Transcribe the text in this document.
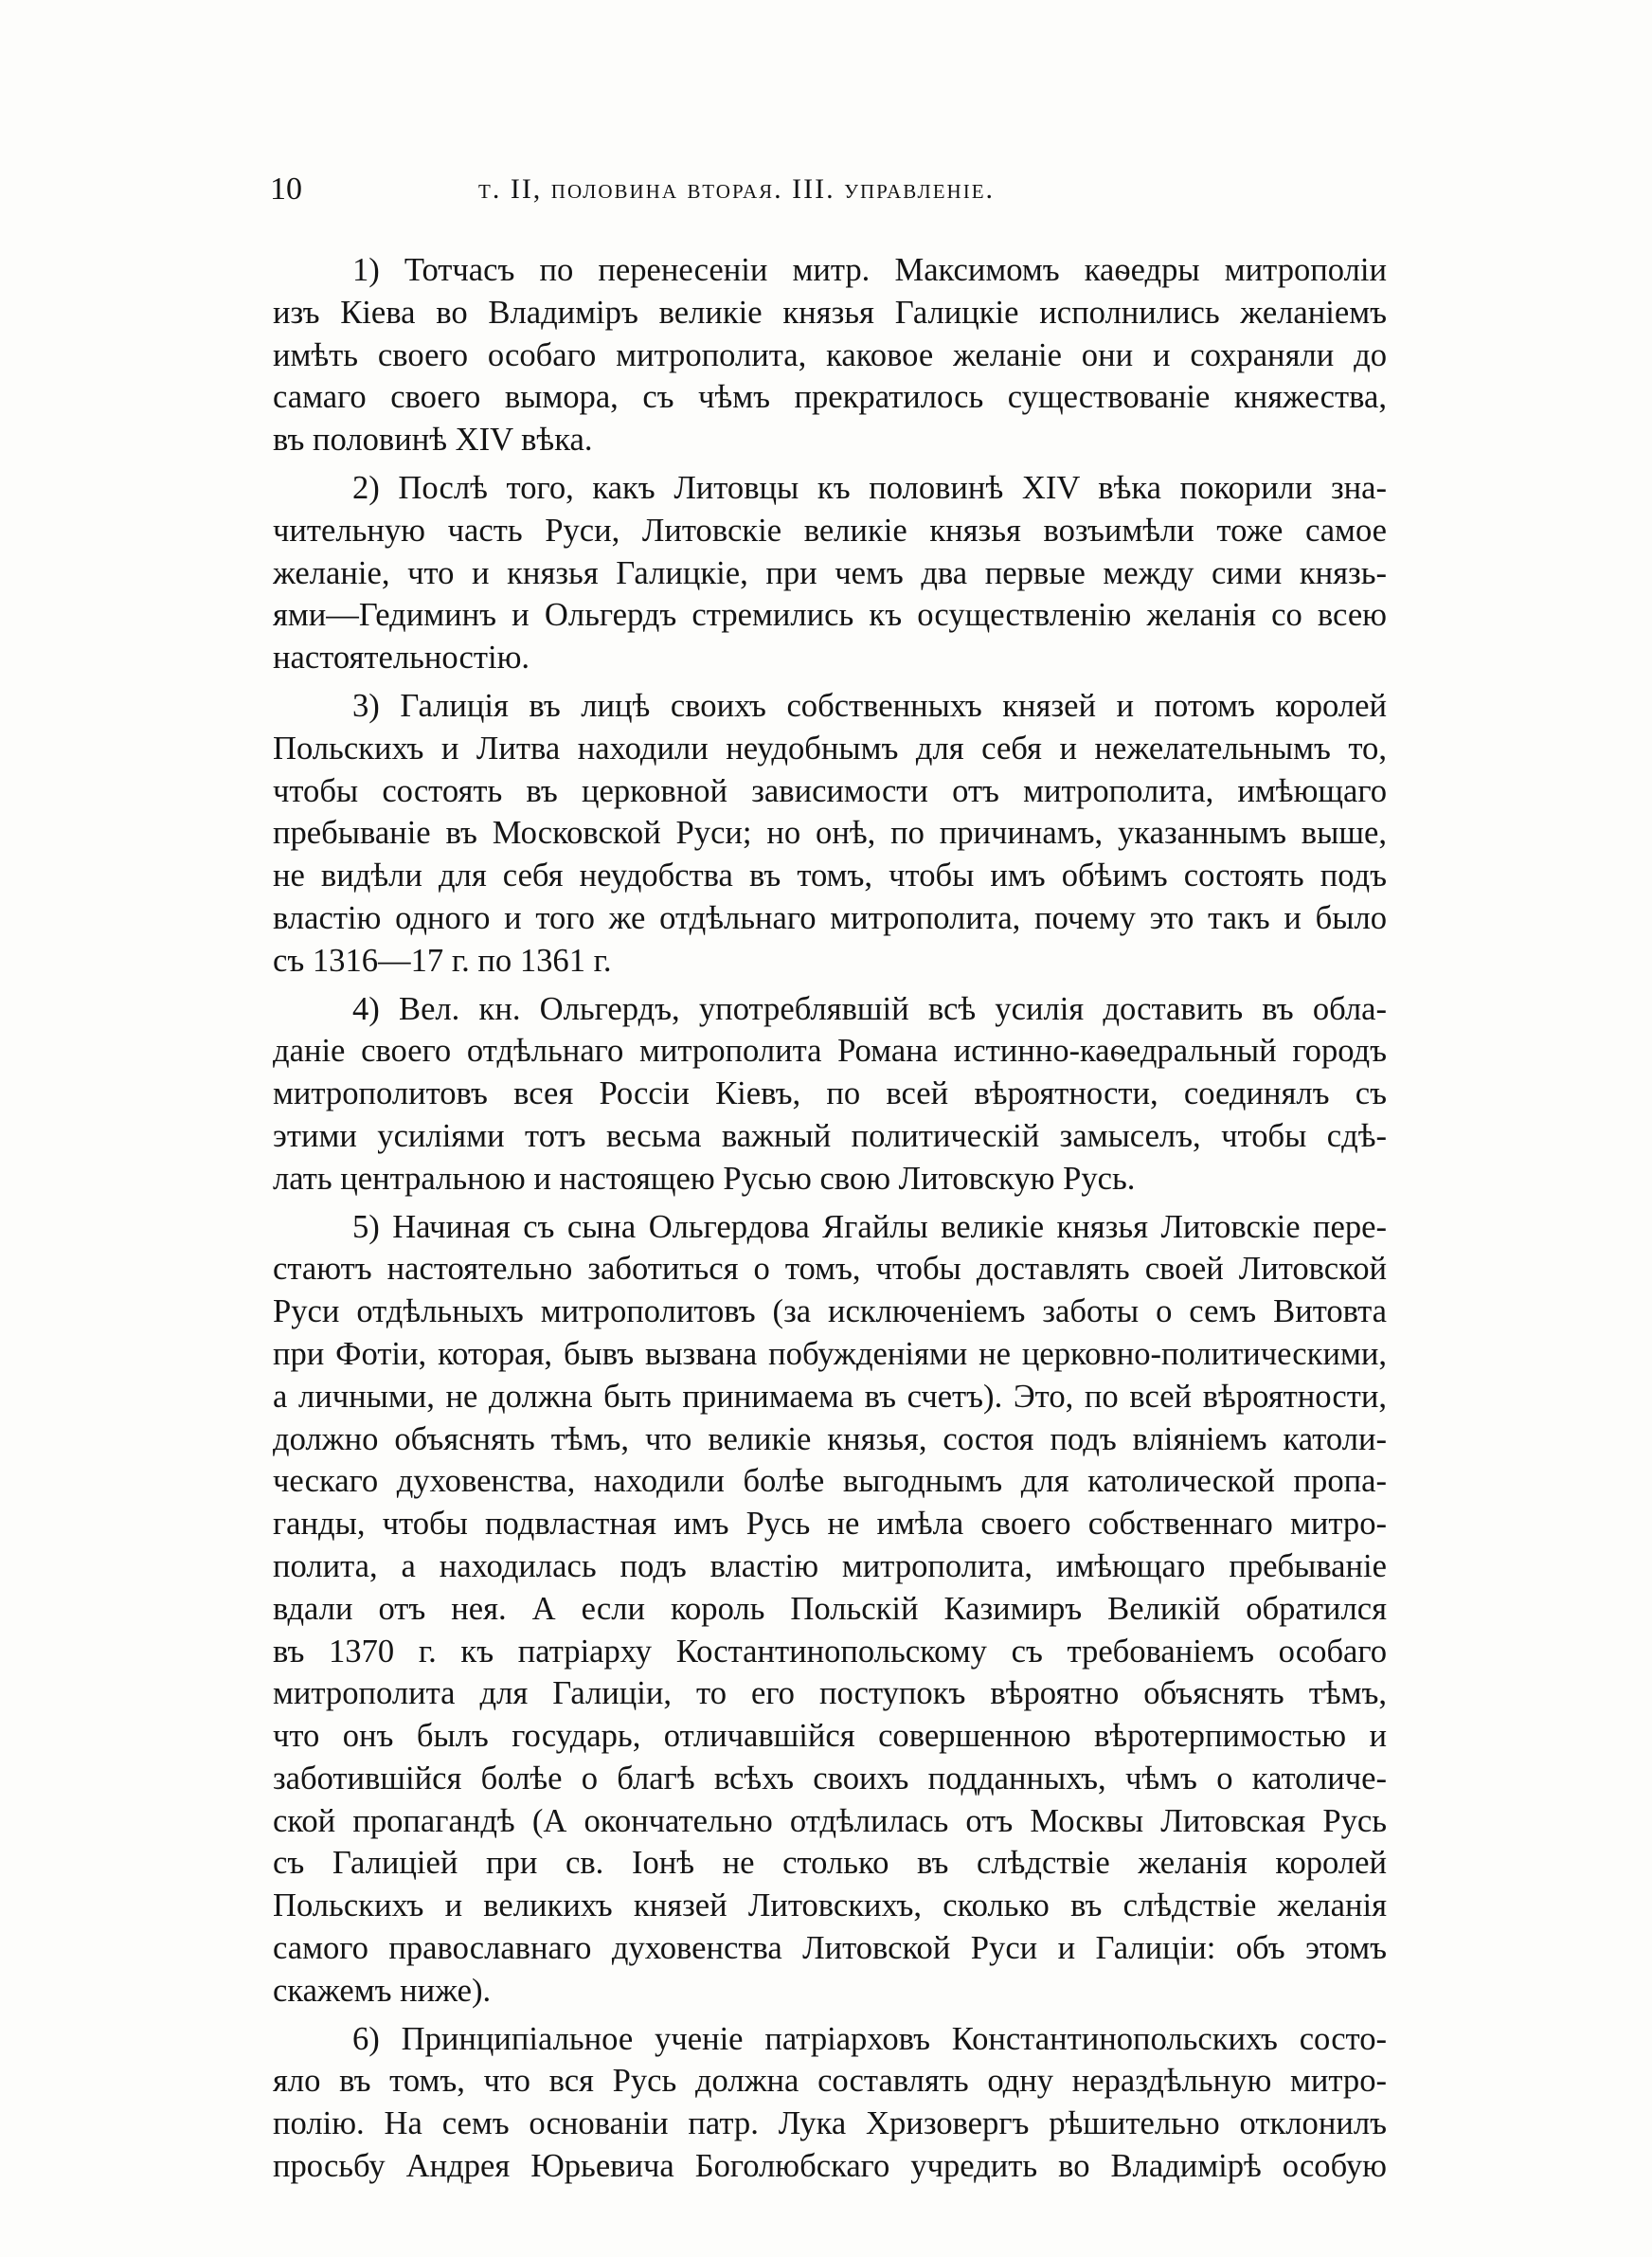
10	т. II, половина вторая. III. управленіе.
1) Тотчасъ по перенесеніи митр. Максимомъ каѳедры митрополіи
изъ Кіева во Владиміръ великіе князья Галицкіе исполнились желаніемъ
имѣть своего особаго митрополита, каковое желаніе они и сохраняли до
самаго своего вымора, съ чѣмъ прекратилось существованіе княжества,
въ половинѣ XIV вѣка.
2) Послѣ того, какъ Литовцы къ половинѣ XIV вѣка покорили зна-
чительную часть Руси, Литовскіе великіе князья возъимѣли тоже самое
желаніе, что и князья Галицкіе, при чемъ два первые между сими князь-
ями—Гедиминъ и Ольгердъ стремились къ осуществленію желанія со всею
настоятельностію.
3) Галиція въ лицѣ своихъ собственныхъ князей и потомъ королей
Польскихъ и Литва находили неудобнымъ для себя и нежелательнымъ то,
чтобы состоять въ церковной зависимости отъ митрополита, имѣющаго
пребываніе въ Московской Руси; но онѣ, по причинамъ, указаннымъ выше,
не видѣли для себя неудобства въ томъ, чтобы имъ обѣимъ состоять подъ
властію одного и того же отдѣльнаго митрополита, почему это такъ и было
съ 1316—17 г. по 1361 г.
4) Вел. кн. Ольгердъ, употреблявшій всѣ усилія доставить въ обла-
даніе своего отдѣльнаго митрополита Романа истинно-каѳедральный городъ
митрополитовъ всея Россіи Кіевъ, по всей вѣроятности, соединялъ съ
этими усиліями тотъ весьма важный политическій замыселъ, чтобы сдѣ-
лать центральною и настоящею Русью свою Литовскую Русь.
5) Начиная съ сына Ольгердова Ягайлы великіе князья Литовскіе пере-
стаютъ настоятельно заботиться о томъ, чтобы доставлять своей Литовской
Руси отдѣльныхъ митрополитовъ (за исключеніемъ заботы о семъ Витовта
при Фотіи, которая, бывъ вызвана побужденіями не церковно-политическими,
а личными, не должна быть принимаема въ счетъ). Это, по всей вѣроятности,
должно объяснять тѣмъ, что великіе князья, состоя подъ вліяніемъ католи-
ческаго духовенства, находили болѣе выгоднымъ для католической пропа-
ганды, чтобы подвластная имъ Русь не имѣла своего собственнаго митро-
полита, а находилась подъ властію митрополита, имѣющаго пребываніе
вдали отъ нея. А если король Польскій Казимиръ Великій обратился
въ 1370 г. къ патріарху Костантинопольскому съ требованіемъ особаго
митрополита для Галиціи, то его поступокъ вѣроятно объяснять тѣмъ,
что онъ былъ государь, отличавшійся совершенною вѣротерпимостью и
заботившійся болѣе о благѣ всѣхъ своихъ подданныхъ, чѣмъ о католиче-
ской пропагандѣ (А окончательно отдѣлилась отъ Москвы Литовская Русь
съ Галиціей при св. Іонѣ не столько въ слѣдствіе желанія королей
Польскихъ и великихъ князей Литовскихъ, сколько въ слѣдствіе желанія
самого православнаго духовенства Литовской Руси и Галиціи: объ этомъ
скажемъ ниже).
6) Принципіальное ученіе патріарховъ Константинопольскихъ состо-
яло въ томъ, что вся Русь должна составлять одну нераздѣльную митро-
полію. На семъ основаніи патр. Лука Хризовергъ рѣшительно отклонилъ
просьбу Андрея Юрьевича Боголюбскаго учредить во Владимірѣ особую
